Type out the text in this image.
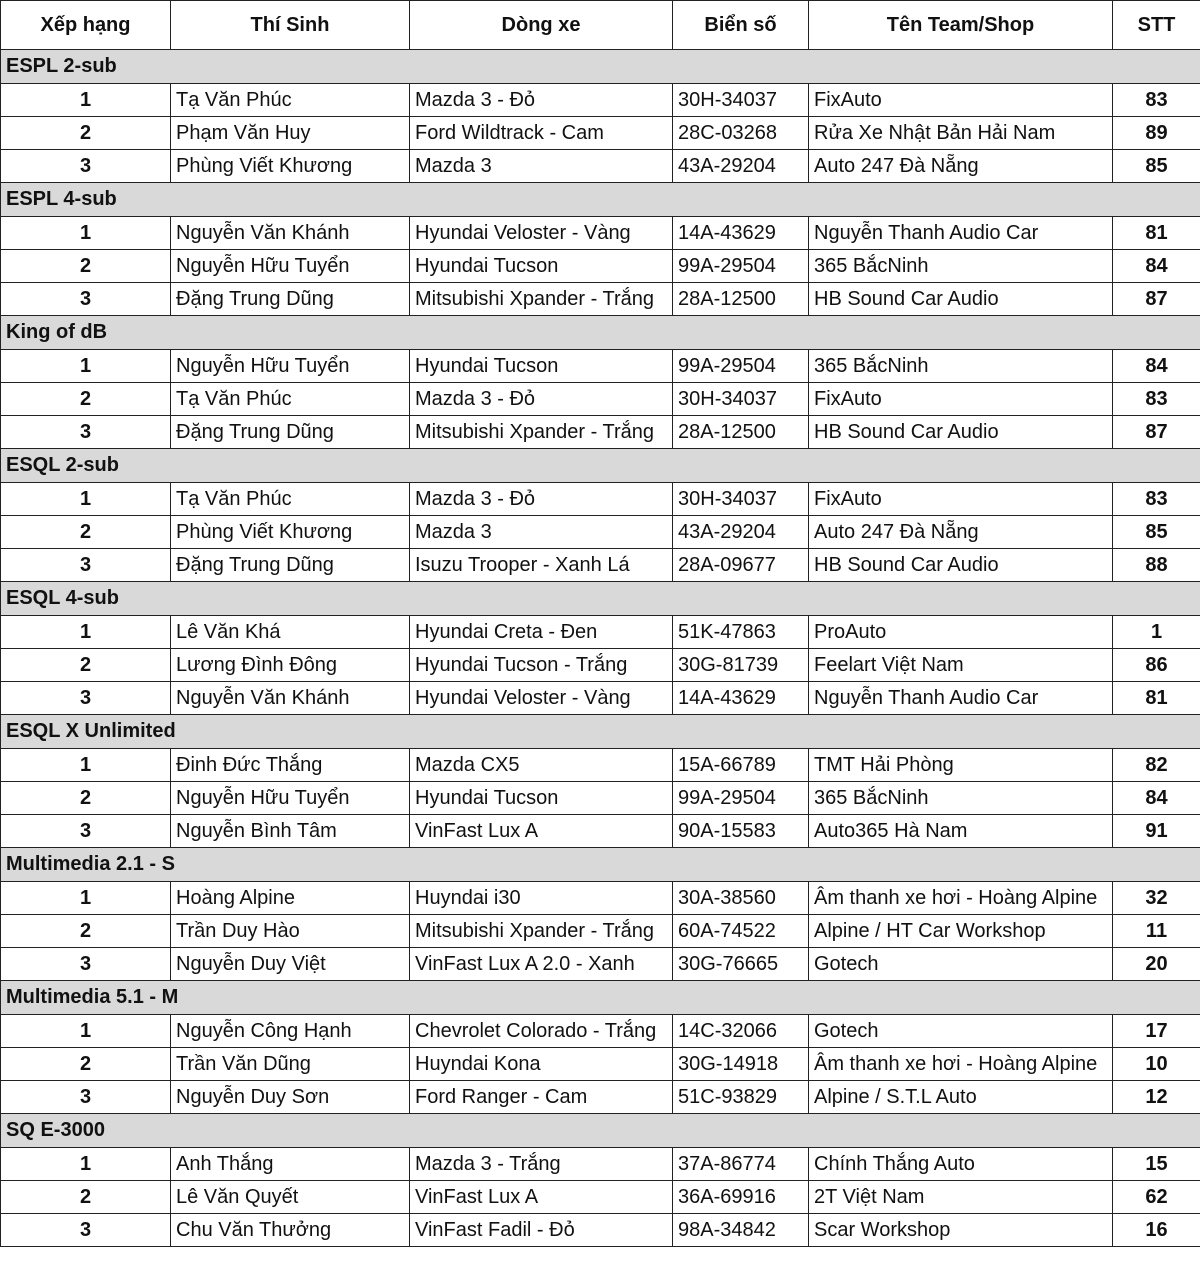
Xếp hạng	Thí Sinh	Dòng xe	Biển số	Tên Team/Shop	STT
ESPL 2-sub					
1	Tạ Văn Phúc	Mazda 3 - Đỏ	30H-34037	FixAuto	83
2	Phạm Văn Huy	Ford Wildtrack - Cam	28C-03268	Rửa Xe Nhật Bản Hải Nam	89
3	Phùng Viết Khương	Mazda 3	43A-29204	Auto 247 Đà Nẵng	85
ESPL 4-sub					
1	Nguyễn Văn Khánh	Hyundai Veloster - Vàng	14A-43629	Nguyễn Thanh Audio Car	81
2	Nguyễn Hữu Tuyển	Hyundai Tucson	99A-29504	365 BắcNinh	84
3	Đặng Trung Dũng	Mitsubishi Xpander - Trắng	28A-12500	HB Sound Car Audio	87
King of dB					
1	Nguyễn Hữu Tuyển	Hyundai Tucson	99A-29504	365 BắcNinh	84
2	Tạ Văn Phúc	Mazda 3 - Đỏ	30H-34037	FixAuto	83
3	Đặng Trung Dũng	Mitsubishi Xpander - Trắng	28A-12500	HB Sound Car Audio	87
ESQL 2-sub					
1	Tạ Văn Phúc	Mazda 3 - Đỏ	30H-34037	FixAuto	83
2	Phùng Viết Khương	Mazda 3	43A-29204	Auto 247 Đà Nẵng	85
3	Đặng Trung Dũng	Isuzu Trooper - Xanh Lá	28A-09677	HB Sound Car Audio	88
ESQL 4-sub					
1	Lê Văn Khá	Hyundai Creta - Đen	51K-47863	ProAuto	1
2	Lương Đình Đông	Hyundai Tucson - Trắng	30G-81739	Feelart Việt Nam	86
3	Nguyễn Văn Khánh	Hyundai Veloster - Vàng	14A-43629	Nguyễn Thanh Audio Car	81
ESQL X Unlimited					
1	Đinh Đức Thắng	Mazda CX5	15A-66789	TMT Hải Phòng	82
2	Nguyễn Hữu Tuyển	Hyundai Tucson	99A-29504	365 BắcNinh	84
3	Nguyễn Bình Tâm	VinFast Lux A	90A-15583	Auto365 Hà Nam	91
Multimedia 2.1 - S					
1	Hoàng Alpine	Huyndai i30	30A-38560	Âm thanh xe hơi - Hoàng Alpine	32
2	Trần Duy Hào	Mitsubishi Xpander - Trắng	60A-74522	Alpine / HT Car Workshop	11
3	Nguyễn Duy Việt	VinFast Lux A 2.0 - Xanh	30G-76665	Gotech	20
Multimedia 5.1 - M					
1	Nguyễn Công Hạnh	Chevrolet Colorado - Trắng	14C-32066	Gotech	17
2	Trần Văn Dũng	Huyndai Kona	30G-14918	Âm thanh xe hơi - Hoàng Alpine	10
3	Nguyễn Duy Sơn	Ford Ranger - Cam	51C-93829	Alpine / S.T.L Auto	12
SQ E-3000					
1	Anh Thắng	Mazda 3 - Trắng	37A-86774	Chính Thắng Auto	15
2	Lê Văn Quyết	VinFast Lux A	36A-69916	2T Việt Nam	62
3	Chu Văn Thưởng	VinFast Fadil - Đỏ	98A-34842	Scar Workshop	16
